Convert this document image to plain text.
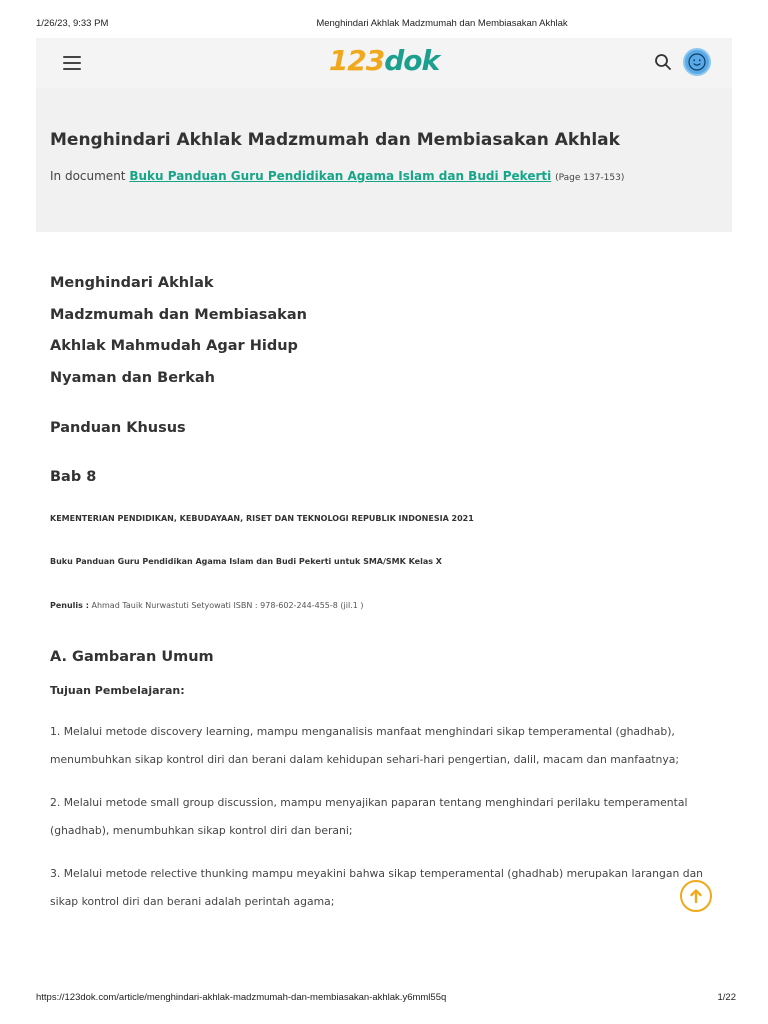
1/26/23, 9:33 PM	Menghindari Akhlak Madzmumah dan Membiasakan Akhlak
123dok
Menghindari Akhlak Madzmumah dan Membiasakan Akhlak
In document Buku Panduan Guru Pendidikan Agama Islam dan Budi Pekerti (Page 137-153)
Menghindari Akhlak
Madzmumah dan Membiasakan
Akhlak Mahmudah Agar Hidup
Nyaman dan Berkah
Panduan Khusus
Bab 8
KEMENTERIAN PENDIDIKAN, KEBUDAYAAN, RISET DAN TEKNOLOGI REPUBLIK INDONESIA 2021
Buku Panduan Guru Pendidikan Agama Islam dan Budi Pekerti untuk SMA/SMK Kelas X
Penulis : Ahmad Tauik Nurwastuti Setyowati ISBN : 978-602-244-455-8 (jil.1 )
A. Gambaran Umum
Tujuan Pembelajaran:

1. Melalui metode discovery learning, mampu menganalisis manfaat menghindari sikap temperamental (ghadhab), menumbuhkan sikap kontrol diri dan berani dalam kehidupan sehari-hari pengertian, dalil, macam dan manfaatnya;

2. Melalui metode small group discussion, mampu menyajikan paparan tentang menghindari perilaku temperamental (ghadhab), menumbuhkan sikap kontrol diri dan berani;

3. Melalui metode relective thunking mampu meyakini bahwa sikap temperamental (ghadhab) merupakan larangan dan sikap kontrol diri dan berani adalah perintah agama;

https://123dok.com/article/menghindari-akhlak-madzmumah-dan-membiasakan-akhlak.y6mml55q	1/22
